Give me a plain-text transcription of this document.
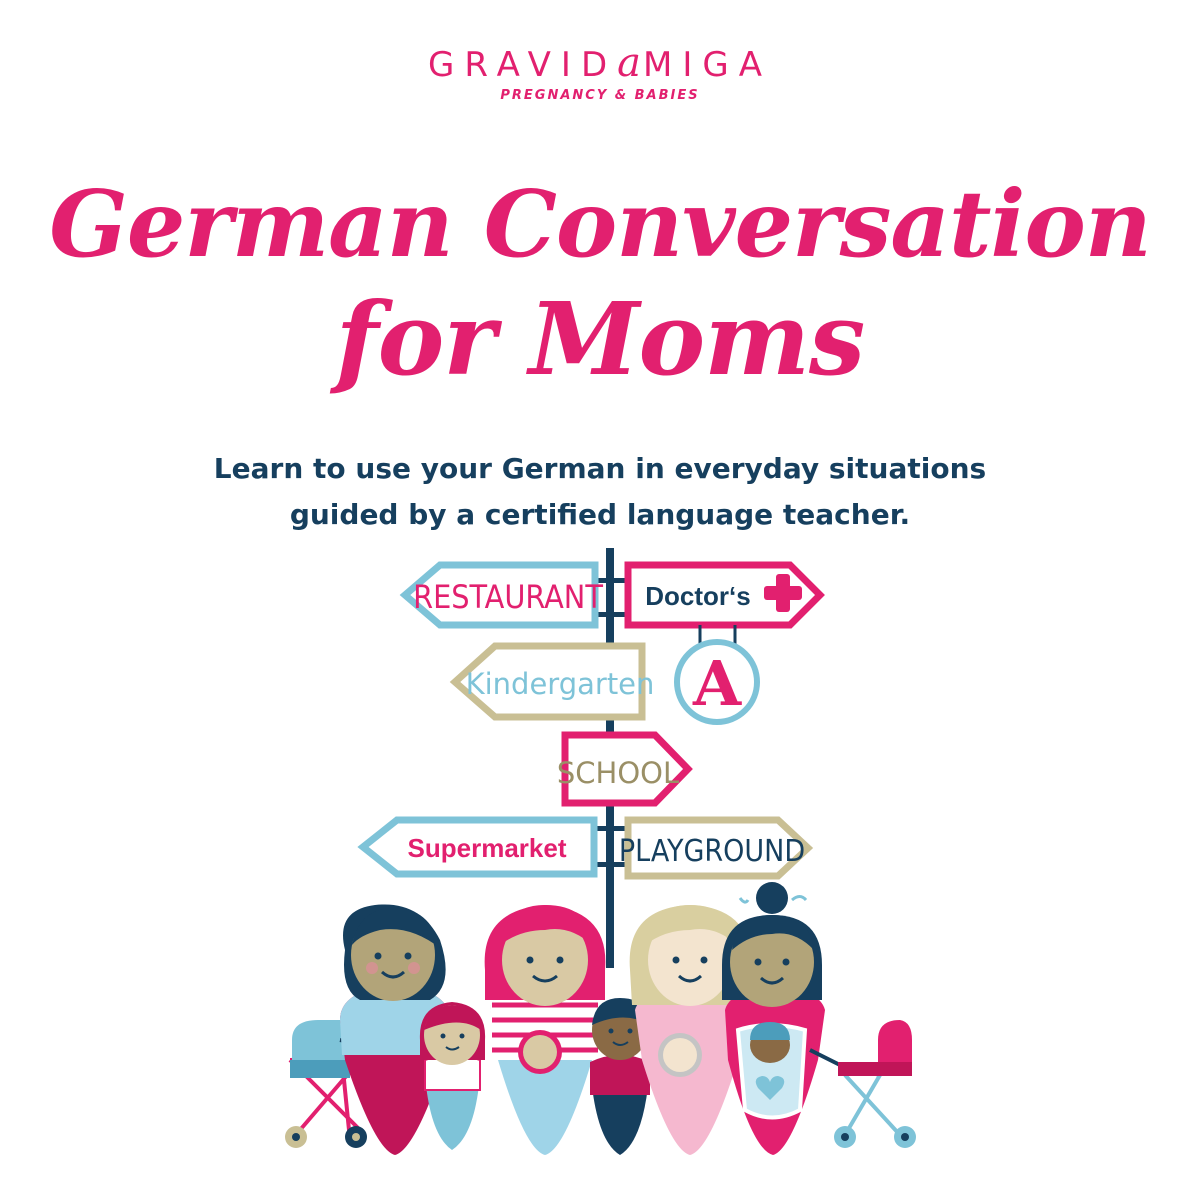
GRAVIDaMIGA
PREGNANCY & BABIES
German Conversation
for Moms
Learn to use your German in everyday situations
guided by a certified language teacher.
RESTAURANT Doctor‘s
A
Kindergarten
SCHOOL
Supermarket PLAYGROUND
